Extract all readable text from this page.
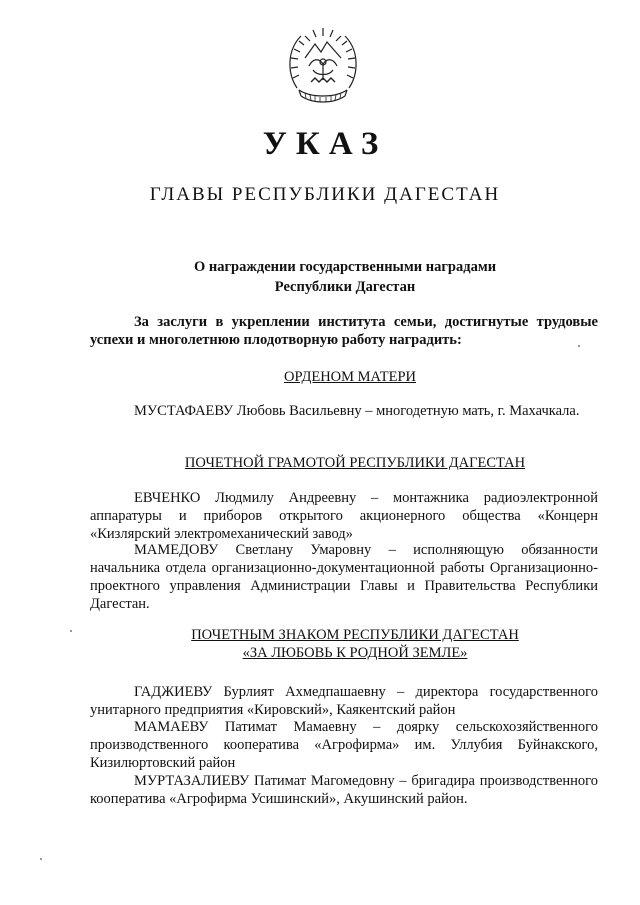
УКАЗ
ГЛАВЫ РЕСПУБЛИКИ ДАГЕСТАН
О награждении государственными наградами
Республики Дагестан
За заслуги в укреплении института семьи, достигнутые трудовые успехи и многолетнюю плодотворную работу наградить:
ОРДЕНОМ МАТЕРИ
МУСТАФАЕВУ Любовь Васильевну – многодетную мать, г. Махачкала.
ПОЧЕТНОЙ ГРАМОТОЙ РЕСПУБЛИКИ ДАГЕСТАН
ЕВЧЕНКО Людмилу Андреевну – монтажника радиоэлектронной аппаратуры и приборов открытого акционерного общества «Концерн «Кизлярский электромеханический завод»
МАМЕДОВУ Светлану Умаровну – исполняющую обязанности начальника отдела организационно-документационной работы Организационно-проектного управления Администрации Главы и Правительства Республики Дагестан.
ПОЧЕТНЫМ ЗНАКОМ РЕСПУБЛИКИ ДАГЕСТАН
«ЗА ЛЮБОВЬ К РОДНОЙ ЗЕМЛЕ»
ГАДЖИЕВУ Бурлият Ахмедпашаевну – директора государственного унитарного предприятия «Кировский», Каякентский район
МАМАЕВУ Патимат Мамаевну – доярку сельскохозяйственного производственного кооператива «Агрофирма» им. Уллубия Буйнакского, Кизилюртовский район
МУРТАЗАЛИЕВУ Патимат Магомедовну – бригадира производственного кооператива «Агрофирма Усишинский», Акушинский район.
